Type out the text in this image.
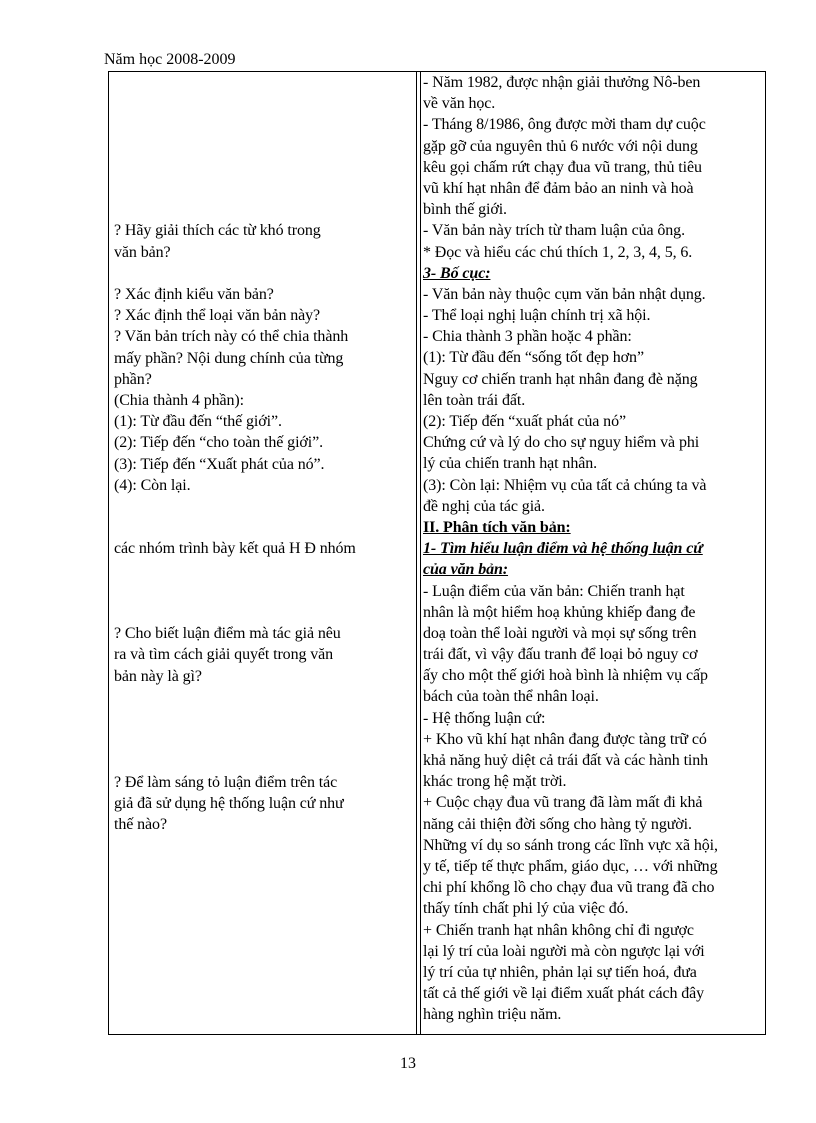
Năm học 2008-2009
? Hãy giải thích các từ khó trong
văn bản?
? Xác định kiểu văn bản?
? Xác định thể loại văn bản này?
? Văn bản trích này có thể chia thành
mấy phần? Nội dung chính của từng
phần?
(Chia thành 4 phần):
(1): Từ đầu đến “thế giới”.
(2): Tiếp đến “cho toàn thế giới”.
(3): Tiếp đến “Xuất phát của nó”.
(4): Còn lại.
các nhóm trình bày kết quả H Đ nhóm
? Cho biết luận điểm mà tác giả nêu
ra và tìm cách giải quyết trong văn
bản này là gì?
? Để làm sáng tỏ luận điểm trên tác
giả đã sử dụng hệ thống luận cứ như
thế nào?
- Năm 1982, được nhận giải thưởng Nô-ben
về văn học.
- Tháng 8/1986, ông được mời tham dự cuộc
gặp gỡ của nguyên thủ 6 nước với nội dung
kêu gọi chấm rứt chạy đua vũ trang, thủ tiêu
vũ khí hạt nhân để đảm bảo an ninh và hoà
bình thế giới.
- Văn bản này trích từ tham luận của ông.
* Đọc và hiểu các chú thích 1, 2, 3, 4, 5, 6.
3- Bố cục:
- Văn bản này thuộc cụm văn bản nhật dụng.
- Thể loại nghị luận chính trị xã hội.
- Chia thành 3 phần hoặc 4 phần:
(1): Từ đầu đến “sống tốt đẹp hơn”
Nguy cơ chiến tranh hạt nhân đang đè nặng
lên toàn trái đất.
(2): Tiếp đến “xuất phát của nó”
Chứng cứ và lý do cho sự nguy hiểm và phi
lý của chiến tranh hạt nhân.
(3): Còn lại: Nhiệm vụ của tất cả chúng ta và
đề nghị của tác giả.
II. Phân tích văn bản:
1- Tìm hiểu luận điểm và hệ thống luận cứ
của văn bản:
- Luận điểm của văn bản: Chiến tranh hạt
nhân là một hiểm hoạ khủng khiếp đang đe
doạ toàn thể loài người và mọi sự sống trên
trái đất, vì vậy đấu tranh để loại bỏ nguy cơ
ấy cho một thế giới hoà bình là nhiệm vụ cấp
bách của toàn thể nhân loại.
- Hệ thống luận cứ:
+ Kho vũ khí hạt nhân đang được tàng trữ có
khả năng huỷ diệt cả trái đất và các hành tinh
khác trong hệ mặt trời.
+ Cuộc chạy đua vũ trang đã làm mất đi khả
năng cải thiện đời sống cho hàng tỷ người.
Những ví dụ so sánh trong các lĩnh vực xã hội,
y tế, tiếp tế thực phẩm, giáo dục, … với những
chi phí khổng lồ cho chạy đua vũ trang đã cho
thấy tính chất phi lý của việc đó.
+ Chiến tranh hạt nhân không chỉ đi ngược
lại lý trí của loài người mà còn ngược lại với
lý trí của tự nhiên, phản lại sự tiến hoá, đưa
tất cả thế giới về lại điểm xuất phát cách đây
hàng nghìn triệu năm.
13
